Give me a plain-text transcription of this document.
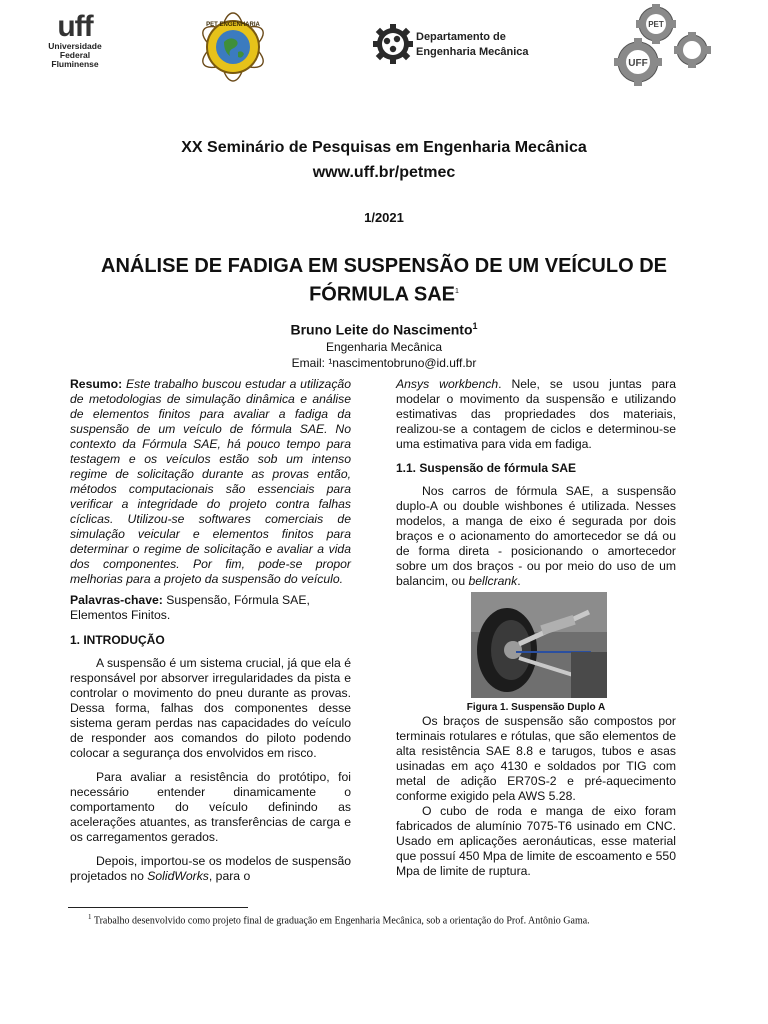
uff
Universidade
Federal
Fluminense
PET ENGENHARIA
Departamento de
Engenharia Mecânica
PET
UFF
XX Seminário de Pesquisas em Engenharia Mecânica
www.uff.br/petmec
1/2021
ANÁLISE DE FADIGA EM SUSPENSÃO DE UM VEÍCULO DE
FÓRMULA SAE$^1$
Bruno Leite do Nascimento$^1$
Engenharia Mecânica
Email: ¹nascimentobruno@id.uff.br

Resumo: Este trabalho buscou estudar a utilização de metodologias de simulação dinâmica e análise de elementos finitos para avaliar a fadiga da suspensão de um veículo de fórmula SAE. No contexto da Fórmula SAE, há pouco tempo para testagem e os veículos estão sob um intenso regime de solicitação durante as provas então, métodos computacionais são essenciais para verificar a integridade do projeto contra falhas cíclicas. Utilizou-se softwares comerciais de simulação veicular e elementos finitos para determinar o regime de solicitação e avaliar a vida dos componentes. Por fim, pode-se propor melhorias para a projeto da suspensão do veículo.

Palavras-chave: Suspensão, Fórmula SAE, Elementos Finitos.

1. INTRODUÇÃO

A suspensão é um sistema crucial, já que ela é responsável por absorver irregularidades da pista e controlar o movimento do pneu durante as provas. Dessa forma, falhas dos componentes desse sistema geram perdas nas capacidades do veículo de responder aos comandos do piloto podendo colocar a segurança dos envolvidos em risco.

Para avaliar a resistência do protótipo, foi necessário entender dinamicamente o comportamento do veículo definindo as acelerações atuantes, as transferências de carga e os carregamentos gerados.

Depois, importou-se os modelos de suspensão projetados no SolidWorks, para o

Ansys workbench. Nele, se usou juntas para modelar o movimento da suspensão e utilizando estimativas das propriedades dos materiais, realizou-se a contagem de ciclos e determinou-se uma estimativa para vida em fadiga.

1.1. Suspensão de fórmula SAE

Nos carros de fórmula SAE, a suspensão duplo-A ou double wishbones é utilizada. Nesses modelos, a manga de eixo é segurada por dois braços e o acionamento do amortecedor se dá ou de forma direta - posicionando o amortecedor sobre um dos braços - ou por meio do uso de um balancim, ou bellcrank.

Figura 1. Suspensão Duplo A

Os braços de suspensão são compostos por terminais rotulares e rótulas, que são elementos de alta resistência SAE 8.8 e tarugos, tubos e asas usinadas em aço 4130 e soldados por TIG com metal de adição ER70S-2 e pré-aquecimento conforme exigido pela AWS 5.28.

O cubo de roda e manga de eixo foram fabricados de alumínio 7075-T6 usinado em CNC. Usado em aplicações aeronáuticas, esse material que possuí 450 Mpa de limite de escoamento e 550 Mpa de limite de ruptura.

$^1$ Trabalho desenvolvido como projeto final de graduação em Engenharia Mecânica, sob a orientação do Prof. Antônio Gama.
